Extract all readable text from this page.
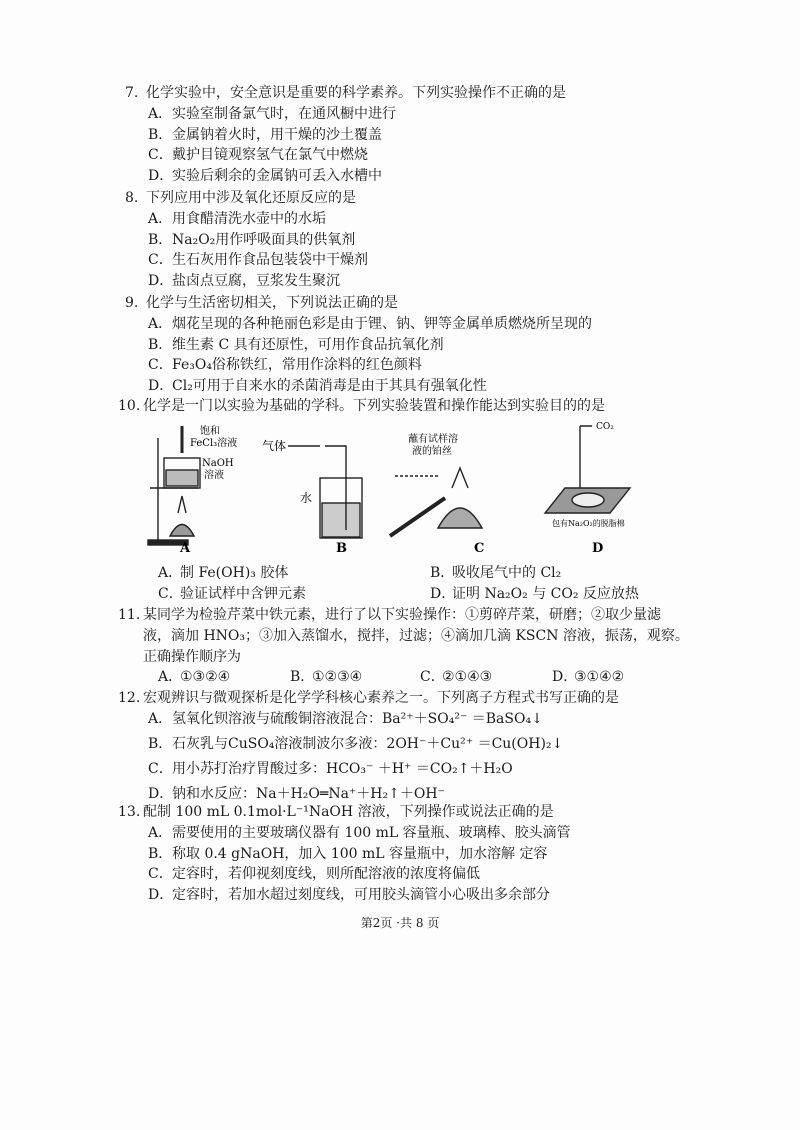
7. 化学实验中，安全意识是重要的科学素养。下列实验操作不正确的是
A． 实验室制备氯气时，在通风橱中进行
B． 金属钠着火时，用干燥的沙土覆盖
C． 戴护目镜观察氢气在氯气中燃烧
D．
实验后剩余的金属钠可丢入水槽中
8. 下列应用中涉及氧化还原反应的是
A． 用食醋清洗水壶中的水垢
B． Na₂O₂用作呼吸面具的供氧剂
C． 生石灰用作食品包装袋中干燥剂
D．
盐卤点豆腐，豆浆发生聚沉
9. 化学与生活密切相关，下列说法正确的是
A． 烟花呈现的各种艳丽色彩是由于锂、钠、钾等金属单质燃烧所呈现的
B． 维生素 C 具有还原性，可用作食品抗氧化剂
C． Fe₃O₄俗称铁红，常用作涂料的红色颜料
D．
Cl₂可用于自来水的杀菌消毒是由于其具有强氧化性
10. 化学是一门以实验为基础的学科。下列实验装置和操作能达到实验目的的是
A．
制 Fe(OH)₃ 胶体	B．
吸收尾气中的 Cl₂
C．
验证试样中含钾元素	D．
证明 Na₂O₂ 与 CO₂ 反应放热
11. 某同学为检验芹菜中铁元素，进行了以下实验操作：①剪碎芹菜，研磨；②取少量滤
液，滴加 HNO₃；③加入蒸馏水，搅拌，过滤；④滴加几滴 KSCN 溶液，振荡，观察。
正确操作顺序为
A．
①③②④	B．
①②③④	C．
②①④③	D．
③①④②
12. 宏观辨识与微观探析是化学学科核心素养之一。下列离子方程式书写正确的是
A． 氢氧化钡溶液与硫酸铜溶液混合：Ba²⁺＋SO₄²⁻ ＝BaSO₄↓
B． 石灰乳与CuSO₄溶液制波尔多液：2OH⁻＋Cu²⁺ ＝Cu(OH)₂↓
C． 用小苏打治疗胃酸过多：HCO₃⁻ ＋H⁺ ＝CO₂↑＋H₂O
D．
钠和水反应：Na＋H₂O═Na⁺＋H₂↑＋OH⁻
13. 配制 100 mL 0.1mol·L⁻¹NaOH 溶液，下列操作或说法正确的是
A． 需要使用的主要玻璃仪器有 100 mL 容量瓶、玻璃棒、胶头滴管
B． 称取 0.4 gNaOH，加入 100 mL 容量瓶中，加水溶解 定容
C． 定容时，若仰视刻度线，则所配溶液的浓度将偏低
D．
定容时，若加水超过刻度线，可用胶头滴管小心吸出多余部分
饱和
FeCl₃溶液
NaOH
溶液
气体
水
蘸有试样溶
液的铂丝
CO₂
包有Na₂O₂的脱脂棉
A	B	C	D
第2页 ·共 8 页
